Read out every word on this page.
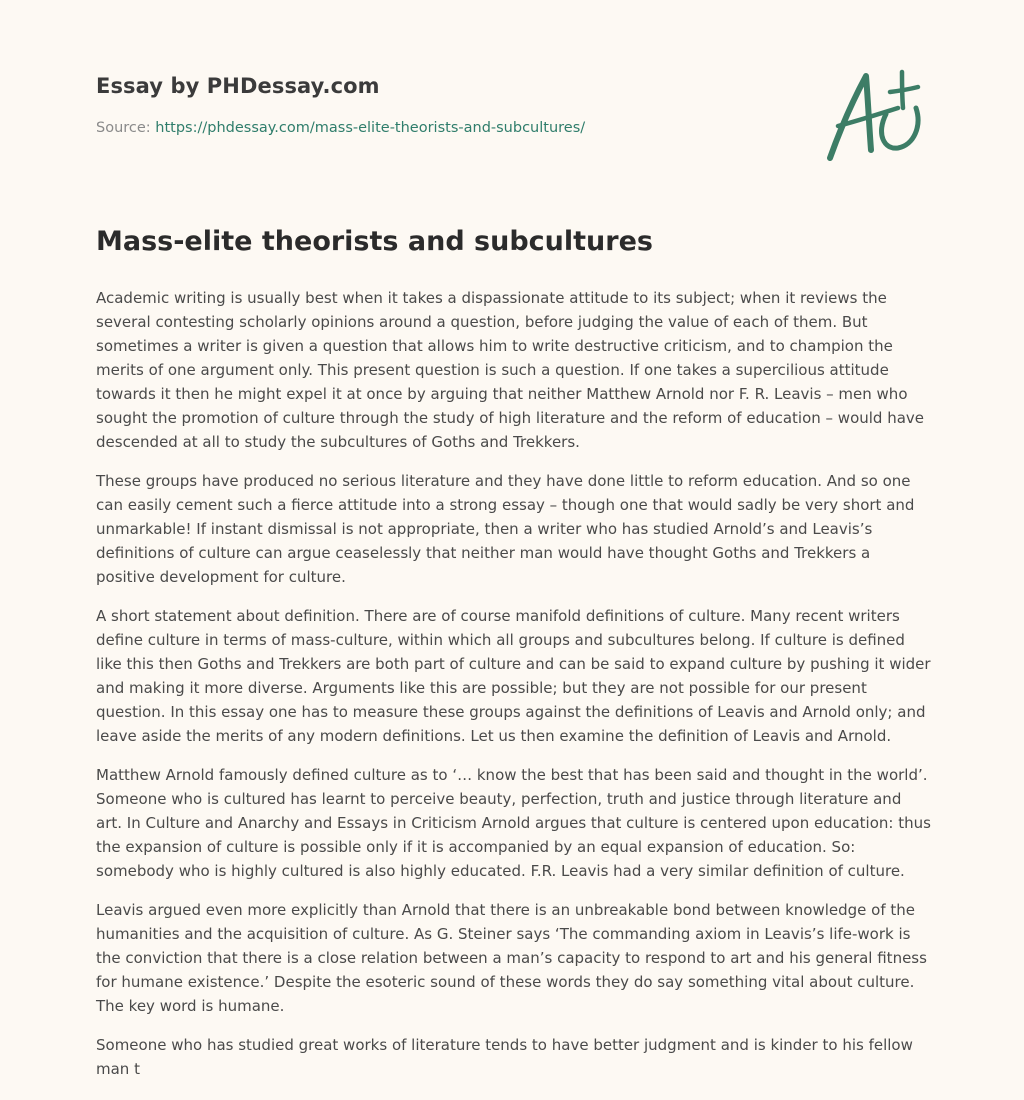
Essay by PHDessay.com
Source: https://phdessay.com/mass-elite-theorists-and-subcultures/
Mass-elite theorists and subcultures

Academic writing is usually best when it takes a dispassionate attitude to its subject; when it reviews the several contesting scholarly opinions around a question, before judging the value of each of them. But sometimes a writer is given a question that allows him to write destructive criticism, and to champion the merits of one argument only. This present question is such a question. If one takes a supercilious attitude towards it then he might expel it at once by arguing that neither Matthew Arnold nor F. R. Leavis – men who sought the promotion of culture through the study of high literature and the reform of education – would have descended at all to study the subcultures of Goths and Trekkers.

These groups have produced no serious literature and they have done little to reform education. And so one can easily cement such a fierce attitude into a strong essay – though one that would sadly be very short and unmarkable! If instant dismissal is not appropriate, then a writer who has studied Arnold’s and Leavis’s definitions of culture can argue ceaselessly that neither man would have thought Goths and Trekkers a positive development for culture.

A short statement about definition. There are of course manifold definitions of culture. Many recent writers define culture in terms of mass-culture, within which all groups and subcultures belong. If culture is defined like this then Goths and Trekkers are both part of culture and can be said to expand culture by pushing it wider and making it more diverse. Arguments like this are possible; but they are not possible for our present question. In this essay one has to measure these groups against the definitions of Leavis and Arnold only; and leave aside the merits of any modern definitions. Let us then examine the definition of Leavis and Arnold.

Matthew Arnold famously defined culture as to ‘… know the best that has been said and thought in the world’. Someone who is cultured has learnt to perceive beauty, perfection, truth and justice through literature and art. In Culture and Anarchy and Essays in Criticism Arnold argues that culture is centered upon education: thus the expansion of culture is possible only if it is accompanied by an equal expansion of education. So: somebody who is highly cultured is also highly educated. F.R. Leavis had a very similar definition of culture.

Leavis argued even more explicitly than Arnold that there is an unbreakable bond between knowledge of the humanities and the acquisition of culture. As G. Steiner says ‘The commanding axiom in Leavis’s life-work is the conviction that there is a close relation between a man’s capacity to respond to art and his general fitness for humane existence.’ Despite the esoteric sound of these words they do say something vital about culture. The key word is humane.

Someone who has studied great works of literature tends to have better judgment and is kinder to his fellow man t
